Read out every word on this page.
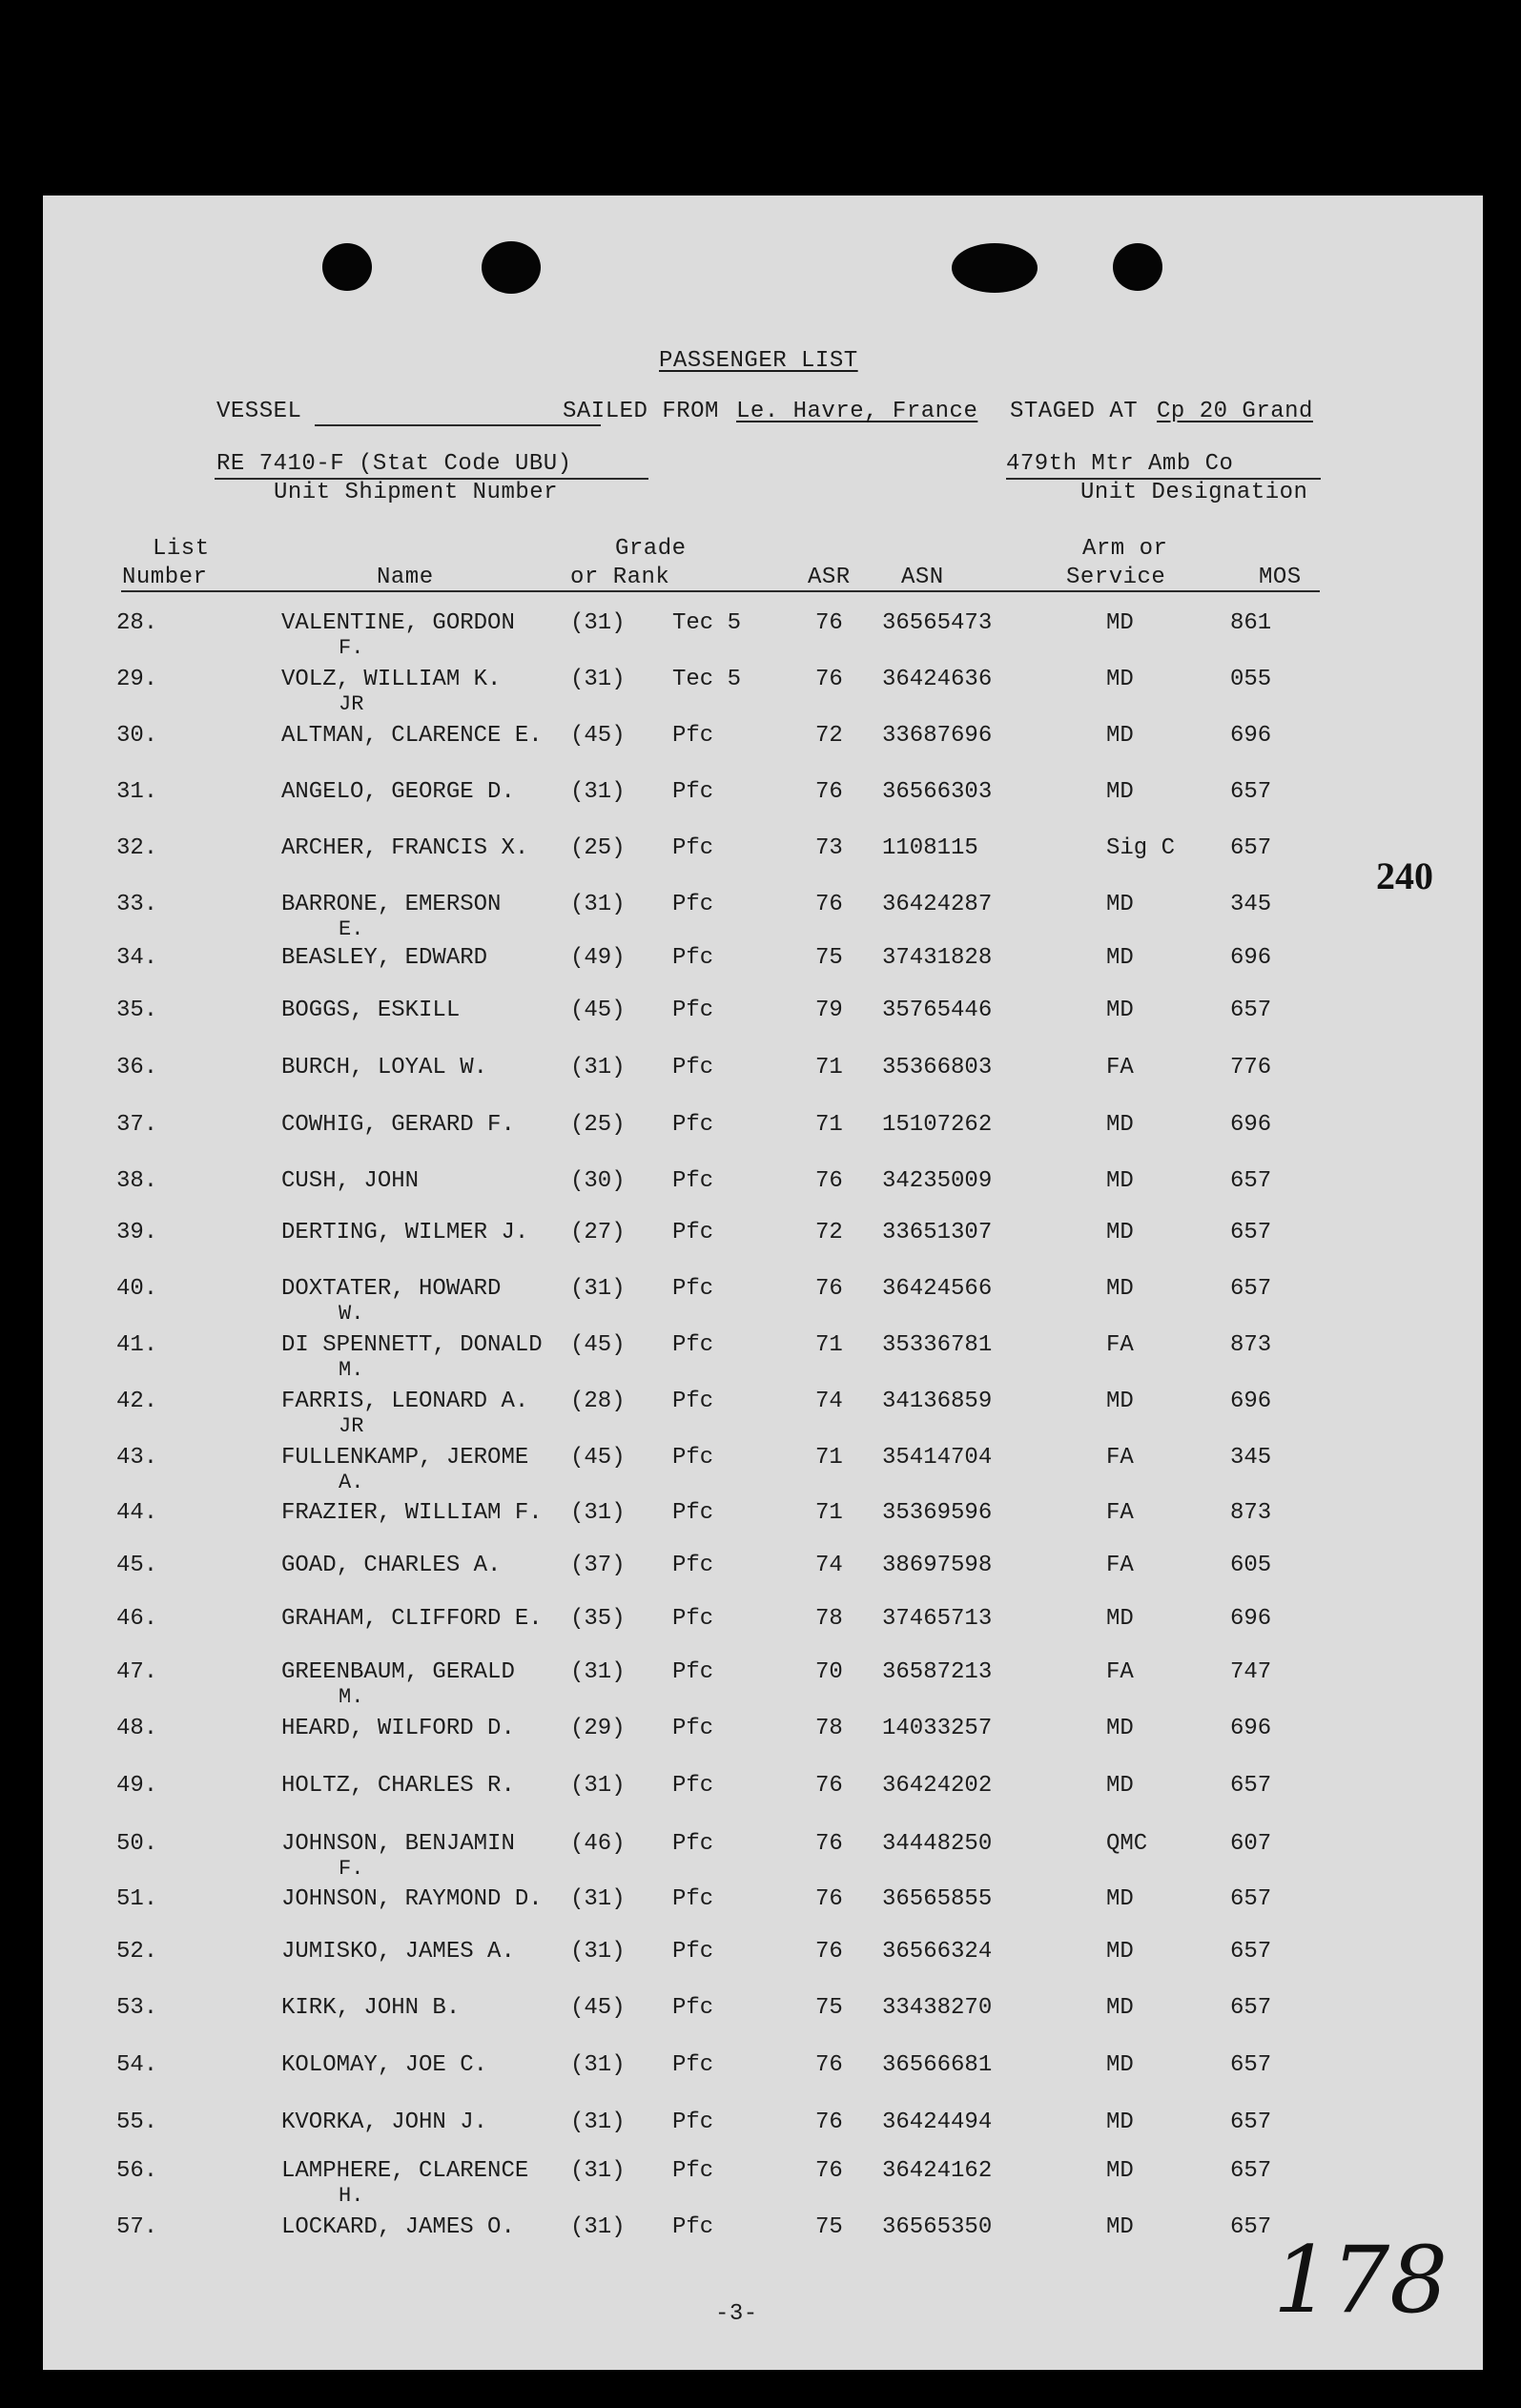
PASSENGER LIST
VESSEL	SAILED FROM Le. Havre, France STAGED AT Cp 20 Grand
RE 7410-F (Stat Code UBU)
Unit Shipment Number
479th Mtr Amb Co
Unit Designation
List
Number	Name
Grade
or Rank	ASR ASN
Arm or
Service	MOS
28.	VALENTINE, GORDON (31) Tec 5	76 36565473	MD	861
F.
29.	VOLZ, WILLIAM K.	(31) Tec 5	76 36424636	MD	055
JR
30.	ALTMAN, CLARENCE E. (45) Pfc	72 33687696	MD	696
31.	ANGELO, GEORGE D. (31) Pfc	76 36566303	MD	657
32.	ARCHER, FRANCIS X. (25) Pfc	73 1108115	Sig C 657
33.	BARRONE, EMERSON	(31) Pfc	76 36424287	MD	345
E.
34.	BEASLEY, EDWARD	(49) Pfc	75 37431828	MD	696
35.	BOGGS, ESKILL	(45) Pfc	79 35765446	MD	657
36.	BURCH, LOYAL W.	(31) Pfc	71 35366803	FA	776
37.	COWHIG, GERARD F. (25) Pfc	71 15107262	MD	696
38.	CUSH, JOHN	(30) Pfc	76 34235009	MD	657
39.	DERTING, WILMER J. (27) Pfc	72 33651307	MD	657
40.	DOXTATER, HOWARD	(31) Pfc	76 36424566	MD	657
W.
41.	DI SPENNETT, DONALD (45) Pfc	71 35336781	FA	873
M.
42.	FARRIS, LEONARD A. (28) Pfc	74 34136859	MD	696
JR
43.	FULLENKAMP, JEROME (45) Pfc	71 35414704	FA	345
A.
44.	FRAZIER, WILLIAM F. (31) Pfc	71 35369596	FA	873
45.	GOAD, CHARLES A.	(37) Pfc	74 38697598	FA	605
46.	GRAHAM, CLIFFORD E. (35) Pfc	78 37465713	MD	696
47.	GREENBAUM, GERALD (31) Pfc	70 36587213	FA	747
M.
48.	HEARD, WILFORD D. (29) Pfc	78 14033257	MD	696
49.	HOLTZ, CHARLES R. (31) Pfc	76 36424202	MD	657
50.	JOHNSON, BENJAMIN (46) Pfc	76 34448250	QMC	607
F.
51.	JOHNSON, RAYMOND D. (31) Pfc	76 36565855	MD	657
52.	JUMISKO, JAMES A. (31) Pfc	76 36566324	MD	657
53.	KIRK, JOHN B.	(45) Pfc	75 33438270	MD	657
54.	KOLOMAY, JOE C.	(31) Pfc	76 36566681	MD	657
55.	KVORKA, JOHN J.	(31) Pfc	76 36424494	MD	657
56.	LAMPHERE, CLARENCE (31) Pfc	76 36424162	MD	657
H.
57.	LOCKARD, JAMES O. (31) Pfc	75 36565350	MD	657
240
-3-	178
